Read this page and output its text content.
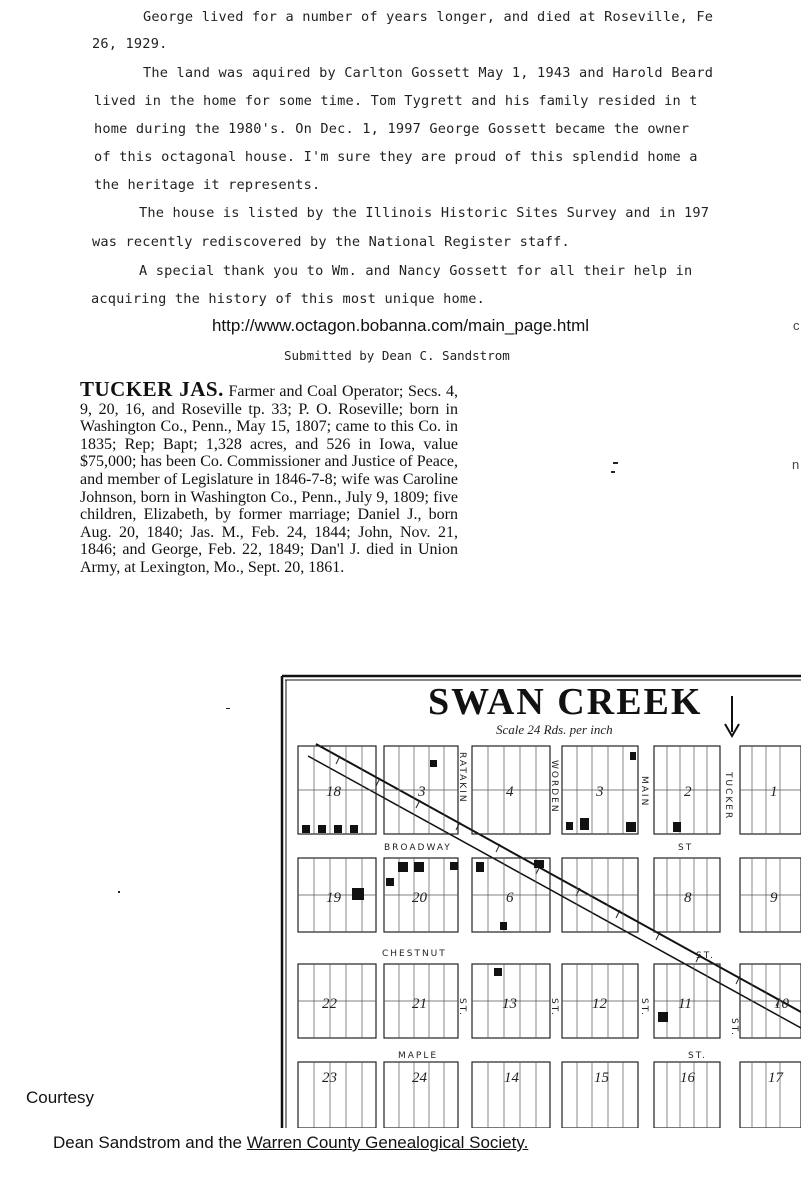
George lived for a number of years longer, and died at Roseville, Fe
26, 1929.
The land was aquired by Carlton Gossett May 1, 1943 and Harold Beard
lived in the home for some time. Tom Tygrett and his family resided in t
home during the 1980's. On Dec. 1, 1997 George Gossett became the owner
of this octagonal house. I'm sure they are proud of this splendid home a
the heritage it represents.
The house is listed by the Illinois Historic Sites Survey and in 197
was recently rediscovered by the National Register staff.
A special thank you to Wm. and Nancy Gossett for all their help in
acquiring the history of this most unique home.
http://www.octagon.bobanna.com/main_page.html
Submitted by Dean C. Sandstrom
c
n
TUCKER JAS. Farmer and Coal Operator; Secs. 4, 9, 20, 16, and Roseville tp. 33; P. O. Roseville; born in Washington Co., Penn., May 15, 1807; came to this Co. in 1835; Rep; Bapt; 1,328 acres, and 526 in Iowa, value $75,000; has been Co. Commissioner and Justice of Peace, and member of Legislature in 1846-7-8; wife was Caroline Johnson, born in Washington Co., Penn., July 9, 1809; five children, Elizabeth, by former marriage; Daniel J., born Aug. 20, 1840; Jas. M., Feb. 24, 1844; John, Nov. 21, 1846; and George, Feb. 22, 1849; Dan'l J. died in Union Army, at Lexington, Mo., Sept. 20, 1861.
SWAN CREEK
Scale 24 Rds. per inch
18	3	4	3	2	1
19	20	6	8	9
22	21	13	12	11	10
23	24	14	15	16	17
BROADWAY	ST
CHESTNUT	ST.
MAPLE	ST.
RATAKIN	WORDEN	MAIN	TUCKER
ST.	ST.	ST.
ST.
Courtesy
Dean Sandstrom and the Warren County Genealogical Society.
